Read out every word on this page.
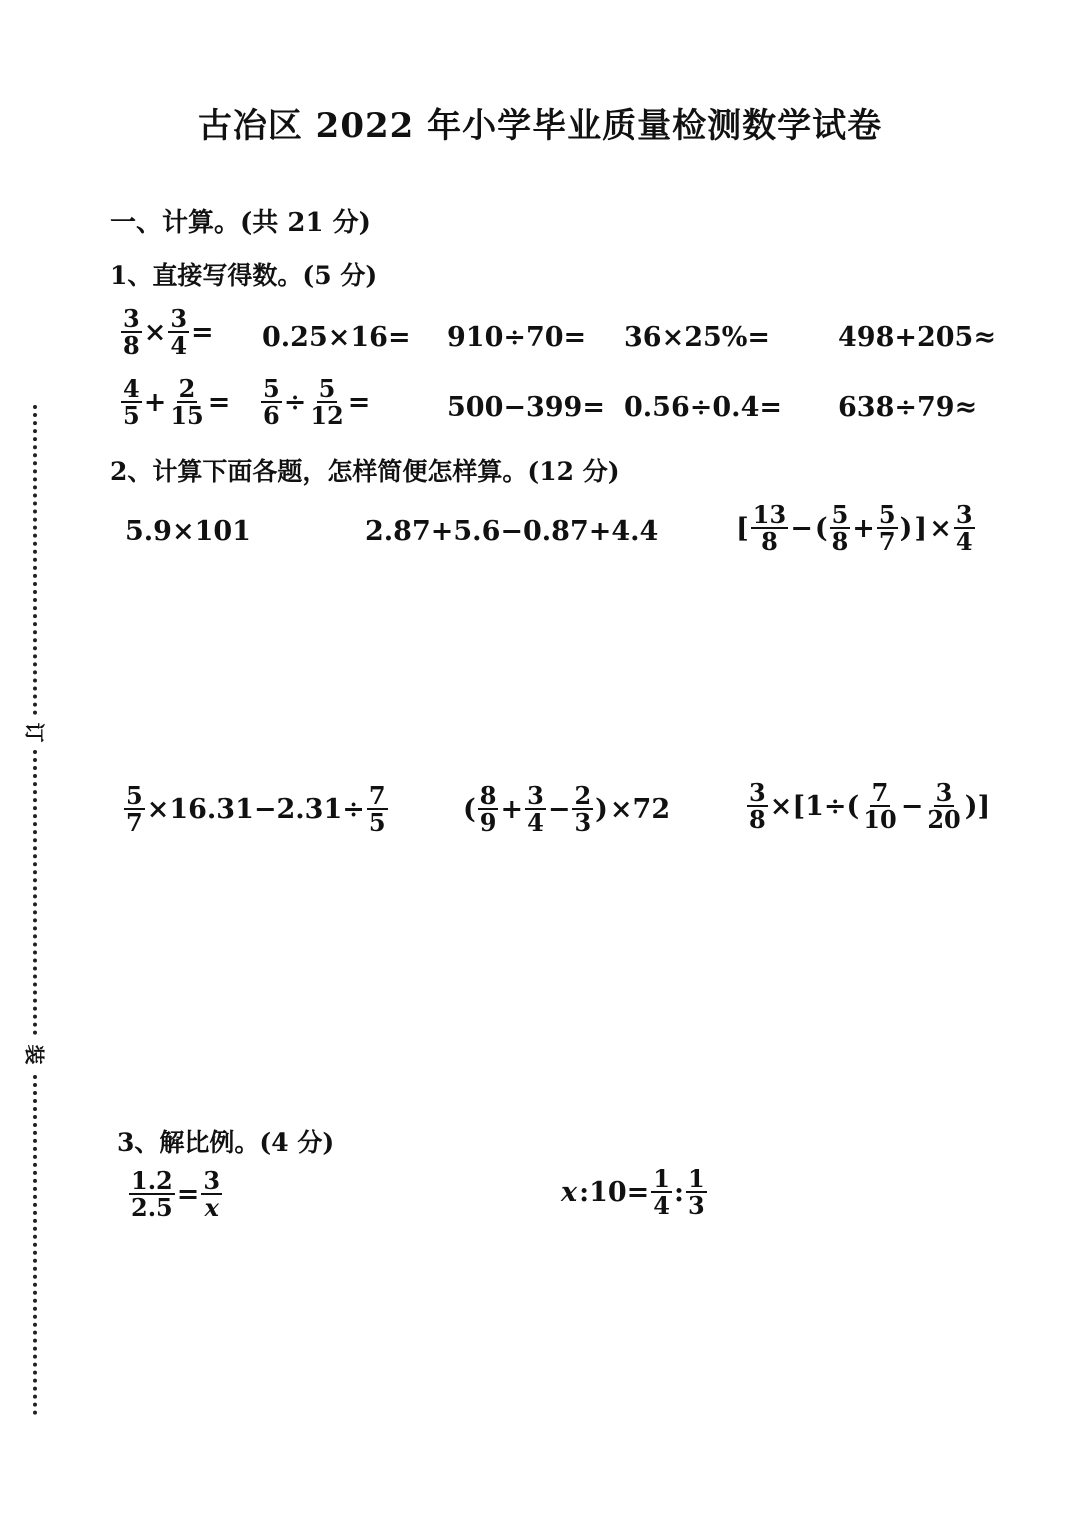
订
装
古冶区 2022 年小学毕业质量检测数学试卷
一、计算。(共 21 分)
1、直接写得数。(5 分)
$\frac{3}{8} \times \frac{3}{4} = 0.25\times 16= 910\div 70= 36\times 25\%=$	498+205≈
$\frac{4}{5} + \frac{2}{15} = \frac{5}{6} \div \frac{5}{12}$ =	500−399= 0.56÷0.4= 638÷79≈
2、计算下面各题，怎样简便怎样算。(12 分)
5.9×101	2.87+5.6−0.87+4.4	[ $\frac{13}{8}$ − ( $\frac{5}{8} + \frac{5}{7}$ ) ] × $\frac{3}{4}$
$\frac{5}{7} \times 16.31-2.31\div \frac{7}{5}$	( $\frac{8}{9} + \frac{3}{4} - \frac{2}{3}$ ) ×72	$\frac{3}{8} \times[1\div( \frac{7}{10} - \frac{3}{20}$ )]
3、解比例。(4 分)
$\frac{1.2}{2.5} = \frac{3}{x}$	x :10= $\frac{1}{4}$ : $\frac{1}{3}$
